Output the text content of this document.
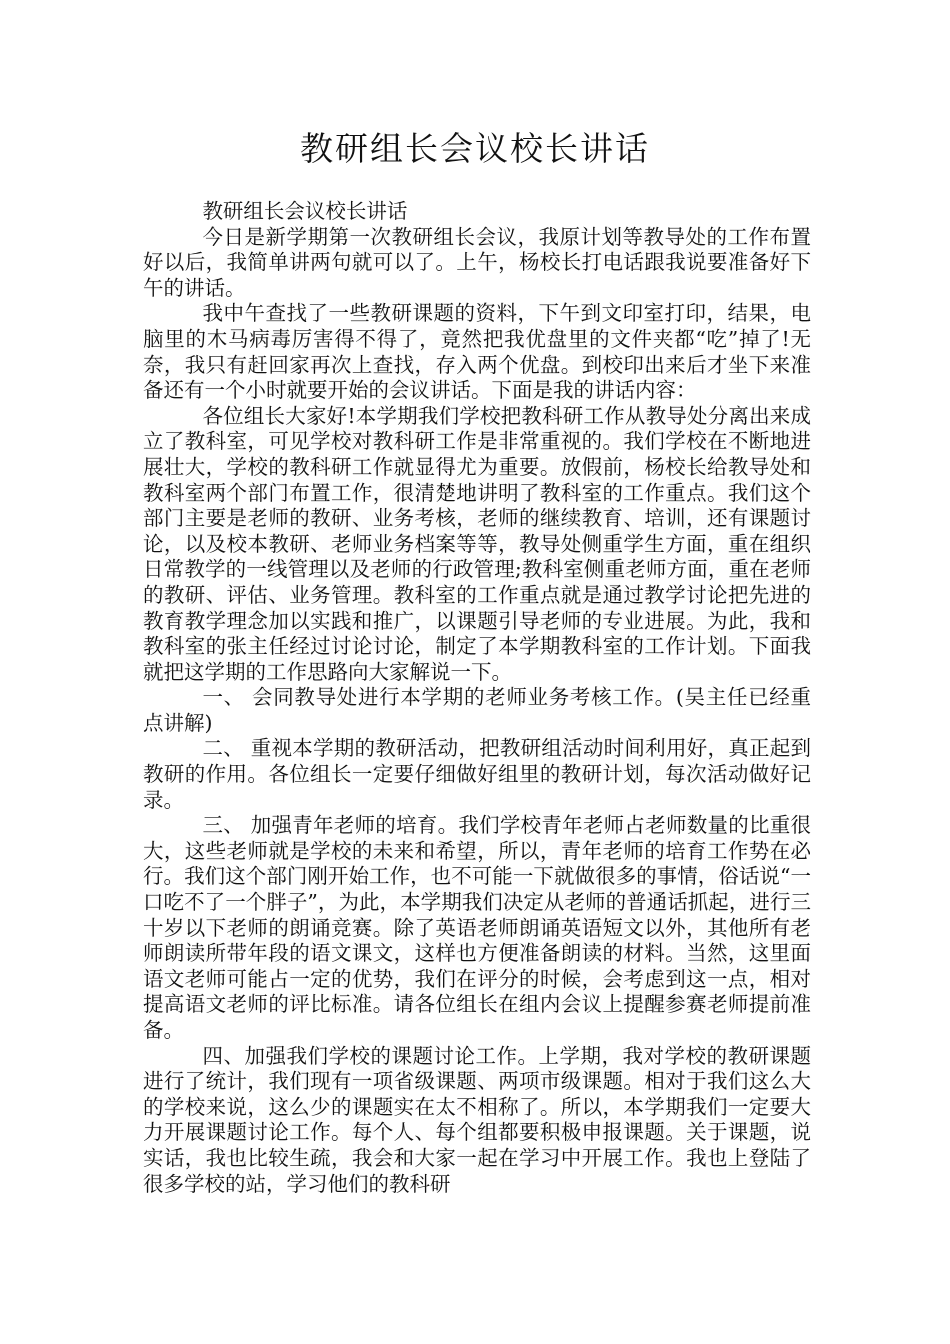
教研组长会议校长讲话

教研组长会议校长讲话

今日是新学期第一次教研组长会议，我原计划等教导处的工作布置好以后，我简单讲两句就可以了。上午，杨校长打电话跟我说要准备好下午的讲话。

我中午查找了一些教研课题的资料，下午到文印室打印，结果，电脑里的木马病毒厉害得不得了，竟然把我优盘里的文件夹都“吃”掉了!无奈，我只有赶回家再次上查找，存入两个优盘。到校印出来后才坐下来准备还有一个小时就要开始的会议讲话。下面是我的讲话内容：

各位组长大家好!本学期我们学校把教科研工作从教导处分离出来成立了教科室，可见学校对教科研工作是非常重视的。我们学校在不断地进展壮大，学校的教科研工作就显得尤为重要。放假前，杨校长给教导处和教科室两个部门布置工作，很清楚地讲明了教科室的工作重点。我们这个部门主要是老师的教研、业务考核，老师的继续教育、培训，还有课题讨论，以及校本教研、老师业务档案等等，教导处侧重学生方面，重在组织日常教学的一线管理以及老师的行政管理;教科室侧重老师方面，重在老师的教研、评估、业务管理。教科室的工作重点就是通过教学讨论把先进的教育教学理念加以实践和推广，以课题引导老师的专业进展。为此，我和教科室的张主任经过讨论讨论，制定了本学期教科室的工作计划。下面我就把这学期的工作思路向大家解说一下。

一、 会同教导处进行本学期的老师业务考核工作。(吴主任已经重点讲解)

二、 重视本学期的教研活动，把教研组活动时间利用好，真正起到教研的作用。各位组长一定要仔细做好组里的教研计划，每次活动做好记录。

三、 加强青年老师的培育。我们学校青年老师占老师数量的比重很大，这些老师就是学校的未来和希望，所以，青年老师的培育工作势在必行。我们这个部门刚开始工作，也不可能一下就做很多的事情，俗话说“一口吃不了一个胖子”，为此，本学期我们决定从老师的普通话抓起，进行三十岁以下老师的朗诵竞赛。除了英语老师朗诵英语短文以外，其他所有老师朗读所带年段的语文课文，这样也方便准备朗读的材料。当然，这里面语文老师可能占一定的优势，我们在评分的时候，会考虑到这一点，相对提高语文老师的评比标准。请各位组长在组内会议上提醒参赛老师提前准备。

四、加强我们学校的课题讨论工作。上学期，我对学校的教研课题进行了统计，我们现有一项省级课题、两项市级课题。相对于我们这么大的学校来说，这么少的课题实在太不相称了。所以，本学期我们一定要大力开展课题讨论工作。每个人、每个组都要积极申报课题。关于课题，说实话，我也比较生疏，我会和大家一起在学习中开展工作。我也上登陆了很多学校的站，学习他们的教科研
